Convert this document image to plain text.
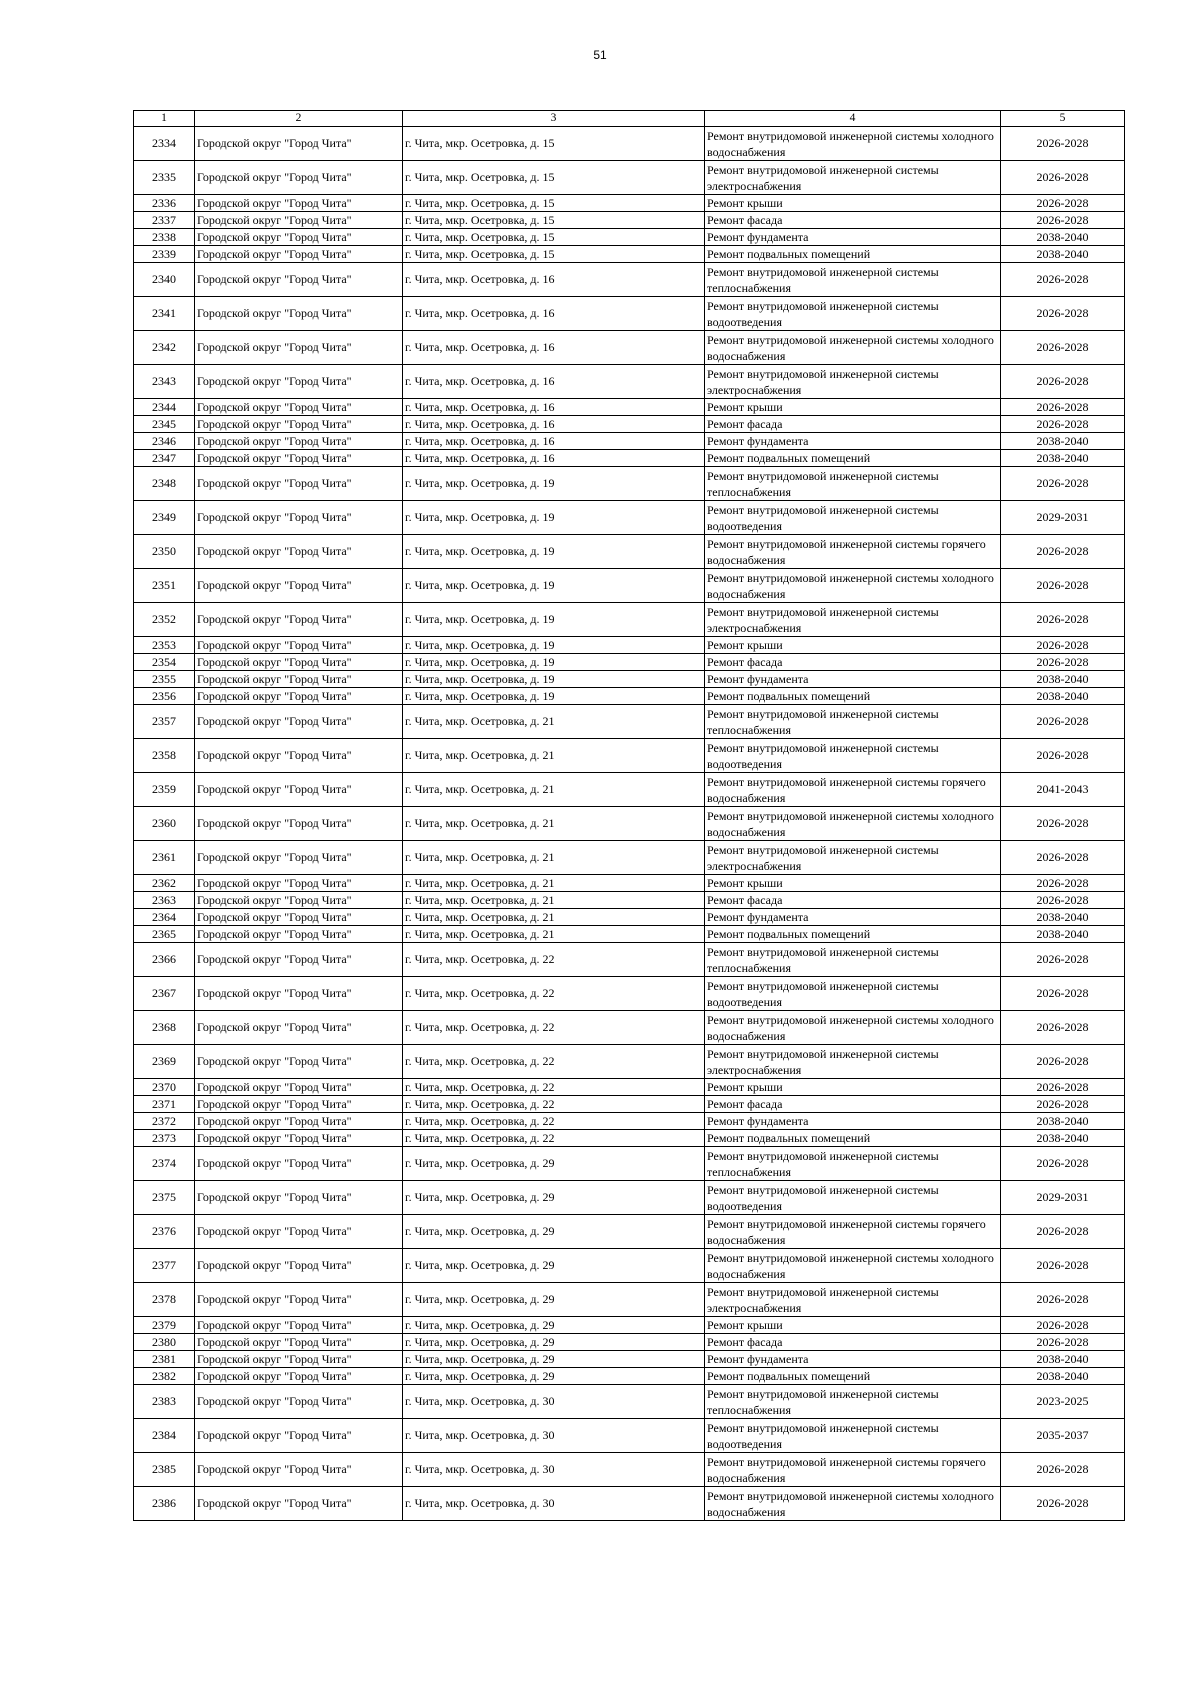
51
1	2	3	4	5
2334	Городской округ "Город Чита"	г. Чита, мкр. Осетровка, д. 15	Ремонт внутридомовой инженерной системы холодного водоснабжения	2026-2028
2335	Городской округ "Город Чита"	г. Чита, мкр. Осетровка, д. 15	Ремонт внутридомовой инженерной системы электроснабжения	2026-2028
2336	Городской округ "Город Чита"	г. Чита, мкр. Осетровка, д. 15	Ремонт крыши	2026-2028
2337	Городской округ "Город Чита"	г. Чита, мкр. Осетровка, д. 15	Ремонт фасада	2026-2028
2338	Городской округ "Город Чита"	г. Чита, мкр. Осетровка, д. 15	Ремонт фундамента	2038-2040
2339	Городской округ "Город Чита"	г. Чита, мкр. Осетровка, д. 15	Ремонт подвальных помещений	2038-2040
2340	Городской округ "Город Чита"	г. Чита, мкр. Осетровка, д. 16	Ремонт внутридомовой инженерной системы теплоснабжения	2026-2028
2341	Городской округ "Город Чита"	г. Чита, мкр. Осетровка, д. 16	Ремонт внутридомовой инженерной системы водоотведения	2026-2028
2342	Городской округ "Город Чита"	г. Чита, мкр. Осетровка, д. 16	Ремонт внутридомовой инженерной системы холодного водоснабжения	2026-2028
2343	Городской округ "Город Чита"	г. Чита, мкр. Осетровка, д. 16	Ремонт внутридомовой инженерной системы электроснабжения	2026-2028
2344	Городской округ "Город Чита"	г. Чита, мкр. Осетровка, д. 16	Ремонт крыши	2026-2028
2345	Городской округ "Город Чита"	г. Чита, мкр. Осетровка, д. 16	Ремонт фасада	2026-2028
2346	Городской округ "Город Чита"	г. Чита, мкр. Осетровка, д. 16	Ремонт фундамента	2038-2040
2347	Городской округ "Город Чита"	г. Чита, мкр. Осетровка, д. 16	Ремонт подвальных помещений	2038-2040
2348	Городской округ "Город Чита"	г. Чита, мкр. Осетровка, д. 19	Ремонт внутридомовой инженерной системы теплоснабжения	2026-2028
2349	Городской округ "Город Чита"	г. Чита, мкр. Осетровка, д. 19	Ремонт внутридомовой инженерной системы водоотведения	2029-2031
2350	Городской округ "Город Чита"	г. Чита, мкр. Осетровка, д. 19	Ремонт внутридомовой инженерной системы горячего водоснабжения	2026-2028
2351	Городской округ "Город Чита"	г. Чита, мкр. Осетровка, д. 19	Ремонт внутридомовой инженерной системы холодного водоснабжения	2026-2028
2352	Городской округ "Город Чита"	г. Чита, мкр. Осетровка, д. 19	Ремонт внутридомовой инженерной системы электроснабжения	2026-2028
2353	Городской округ "Город Чита"	г. Чита, мкр. Осетровка, д. 19	Ремонт крыши	2026-2028
2354	Городской округ "Город Чита"	г. Чита, мкр. Осетровка, д. 19	Ремонт фасада	2026-2028
2355	Городской округ "Город Чита"	г. Чита, мкр. Осетровка, д. 19	Ремонт фундамента	2038-2040
2356	Городской округ "Город Чита"	г. Чита, мкр. Осетровка, д. 19	Ремонт подвальных помещений	2038-2040
2357	Городской округ "Город Чита"	г. Чита, мкр. Осетровка, д. 21	Ремонт внутридомовой инженерной системы теплоснабжения	2026-2028
2358	Городской округ "Город Чита"	г. Чита, мкр. Осетровка, д. 21	Ремонт внутридомовой инженерной системы водоотведения	2026-2028
2359	Городской округ "Город Чита"	г. Чита, мкр. Осетровка, д. 21	Ремонт внутридомовой инженерной системы горячего водоснабжения	2041-2043
2360	Городской округ "Город Чита"	г. Чита, мкр. Осетровка, д. 21	Ремонт внутридомовой инженерной системы холодного водоснабжения	2026-2028
2361	Городской округ "Город Чита"	г. Чита, мкр. Осетровка, д. 21	Ремонт внутридомовой инженерной системы электроснабжения	2026-2028
2362	Городской округ "Город Чита"	г. Чита, мкр. Осетровка, д. 21	Ремонт крыши	2026-2028
2363	Городской округ "Город Чита"	г. Чита, мкр. Осетровка, д. 21	Ремонт фасада	2026-2028
2364	Городской округ "Город Чита"	г. Чита, мкр. Осетровка, д. 21	Ремонт фундамента	2038-2040
2365	Городской округ "Город Чита"	г. Чита, мкр. Осетровка, д. 21	Ремонт подвальных помещений	2038-2040
2366	Городской округ "Город Чита"	г. Чита, мкр. Осетровка, д. 22	Ремонт внутридомовой инженерной системы теплоснабжения	2026-2028
2367	Городской округ "Город Чита"	г. Чита, мкр. Осетровка, д. 22	Ремонт внутридомовой инженерной системы водоотведения	2026-2028
2368	Городской округ "Город Чита"	г. Чита, мкр. Осетровка, д. 22	Ремонт внутридомовой инженерной системы холодного водоснабжения	2026-2028
2369	Городской округ "Город Чита"	г. Чита, мкр. Осетровка, д. 22	Ремонт внутридомовой инженерной системы электроснабжения	2026-2028
2370	Городской округ "Город Чита"	г. Чита, мкр. Осетровка, д. 22	Ремонт крыши	2026-2028
2371	Городской округ "Город Чита"	г. Чита, мкр. Осетровка, д. 22	Ремонт фасада	2026-2028
2372	Городской округ "Город Чита"	г. Чита, мкр. Осетровка, д. 22	Ремонт фундамента	2038-2040
2373	Городской округ "Город Чита"	г. Чита, мкр. Осетровка, д. 22	Ремонт подвальных помещений	2038-2040
2374	Городской округ "Город Чита"	г. Чита, мкр. Осетровка, д. 29	Ремонт внутридомовой инженерной системы теплоснабжения	2026-2028
2375	Городской округ "Город Чита"	г. Чита, мкр. Осетровка, д. 29	Ремонт внутридомовой инженерной системы водоотведения	2029-2031
2376	Городской округ "Город Чита"	г. Чита, мкр. Осетровка, д. 29	Ремонт внутридомовой инженерной системы горячего водоснабжения	2026-2028
2377	Городской округ "Город Чита"	г. Чита, мкр. Осетровка, д. 29	Ремонт внутридомовой инженерной системы холодного водоснабжения	2026-2028
2378	Городской округ "Город Чита"	г. Чита, мкр. Осетровка, д. 29	Ремонт внутридомовой инженерной системы электроснабжения	2026-2028
2379	Городской округ "Город Чита"	г. Чита, мкр. Осетровка, д. 29	Ремонт крыши	2026-2028
2380	Городской округ "Город Чита"	г. Чита, мкр. Осетровка, д. 29	Ремонт фасада	2026-2028
2381	Городской округ "Город Чита"	г. Чита, мкр. Осетровка, д. 29	Ремонт фундамента	2038-2040
2382	Городской округ "Город Чита"	г. Чита, мкр. Осетровка, д. 29	Ремонт подвальных помещений	2038-2040
2383	Городской округ "Город Чита"	г. Чита, мкр. Осетровка, д. 30	Ремонт внутридомовой инженерной системы теплоснабжения	2023-2025
2384	Городской округ "Город Чита"	г. Чита, мкр. Осетровка, д. 30	Ремонт внутридомовой инженерной системы водоотведения	2035-2037
2385	Городской округ "Город Чита"	г. Чита, мкр. Осетровка, д. 30	Ремонт внутридомовой инженерной системы горячего водоснабжения	2026-2028
2386	Городской округ "Город Чита"	г. Чита, мкр. Осетровка, д. 30	Ремонт внутридомовой инженерной системы холодного водоснабжения	2026-2028
